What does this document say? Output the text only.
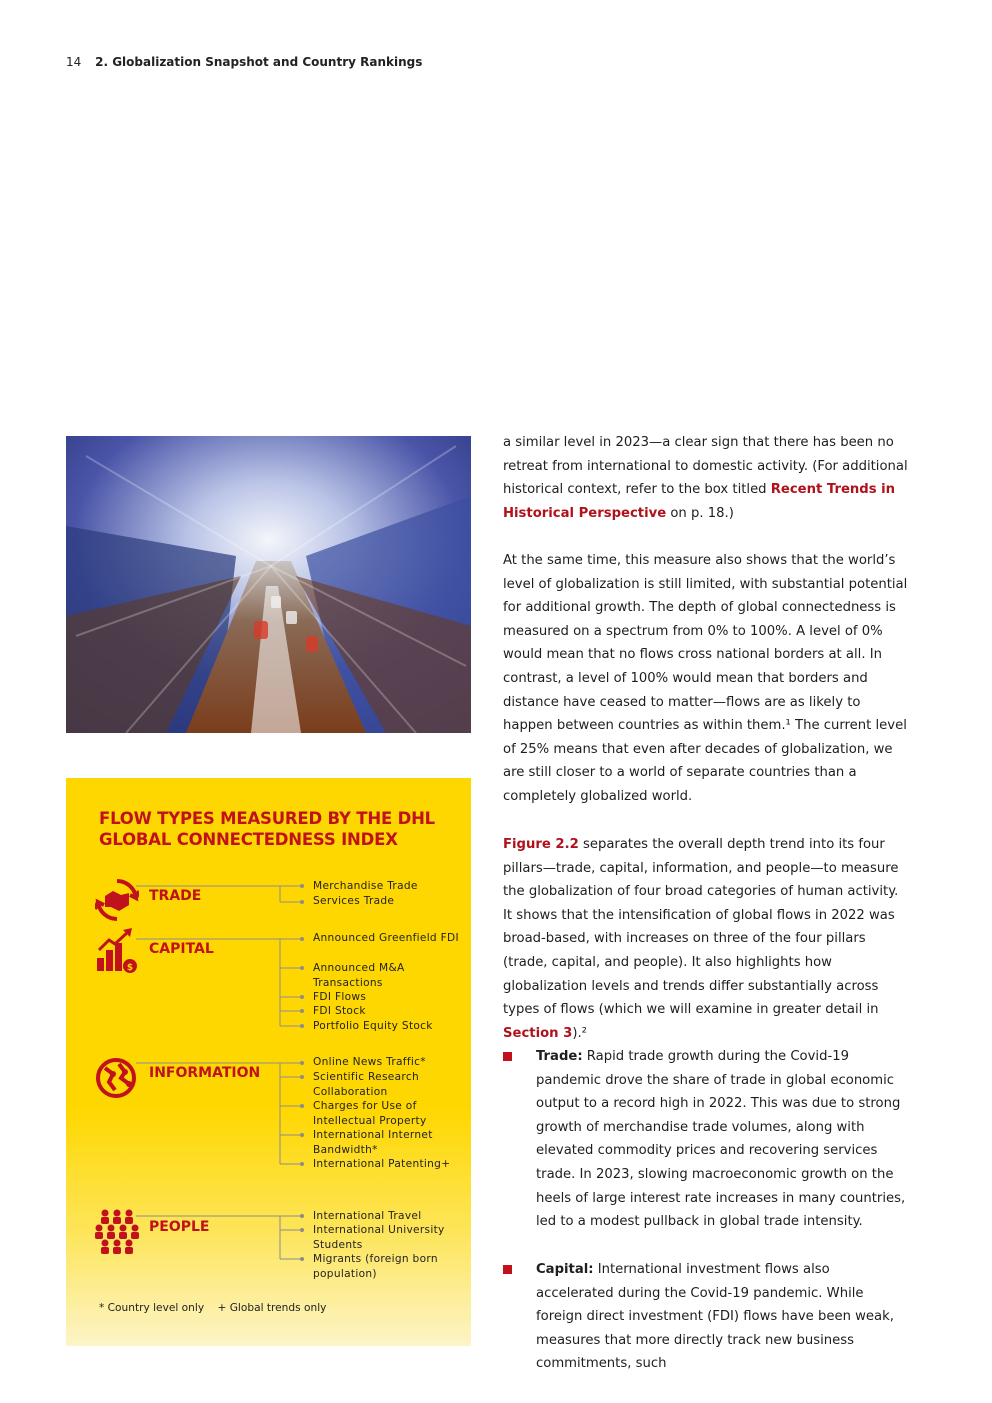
14 2. Globalization Snapshot and Country Rankings
FLOW TYPES MEASURED BY THE DHL GLOBAL CONNECTEDNESS INDEX
TRADE
Merchandise Trade
Services Trade
$
CAPITAL
Announced Greenfield FDI
Announced M&A Transactions
FDI Flows
FDI Stock
Portfolio Equity Stock
INFORMATION
Online News Traffic*
Scientific Research Collaboration
Charges for Use of Intellectual Property
International Internet Bandwidth*
International Patenting+
PEOPLE
International Travel
International University Students
Migrants (foreign born population)
* Country level only + Global trends only
a similar level in 2023—a clear sign that there has been no retreat from international to domestic activity. (For additional historical context, refer to the box titled Recent Trends in Historical Perspective on p. 18.)
At the same time, this measure also shows that the world’s level of globalization is still limited, with substantial potential for additional growth. The depth of global connectedness is measured on a spectrum from 0% to 100%. A level of 0% would mean that no flows cross national borders at all. In contrast, a level of 100% would mean that borders and distance have ceased to matter—flows are as likely to happen between countries as within them.¹ The current level of 25% means that even after decades of globalization, we are still closer to a world of separate countries than a completely globalized world.
Figure 2.2 separates the overall depth trend into its four pillars—trade, capital, information, and people—to measure the globalization of four broad categories of human activity. It shows that the intensification of global flows in 2022 was broad-based, with increases on three of the four pillars (trade, capital, and people). It also highlights how globalization levels and trends differ substantially across types of flows (which we will examine in greater detail in Section 3).²
Trade: Rapid trade growth during the Covid-19 pandemic drove the share of trade in global economic output to a record high in 2022. This was due to strong growth of merchandise trade volumes, along with elevated commodity prices and recovering services trade. In 2023, slowing macroeconomic growth on the heels of large interest rate increases in many countries, led to a modest pullback in global trade intensity.
Capital: International investment flows also accelerated during the Covid-19 pandemic. While foreign direct investment (FDI) flows have been weak, measures that more directly track new business commitments, such
